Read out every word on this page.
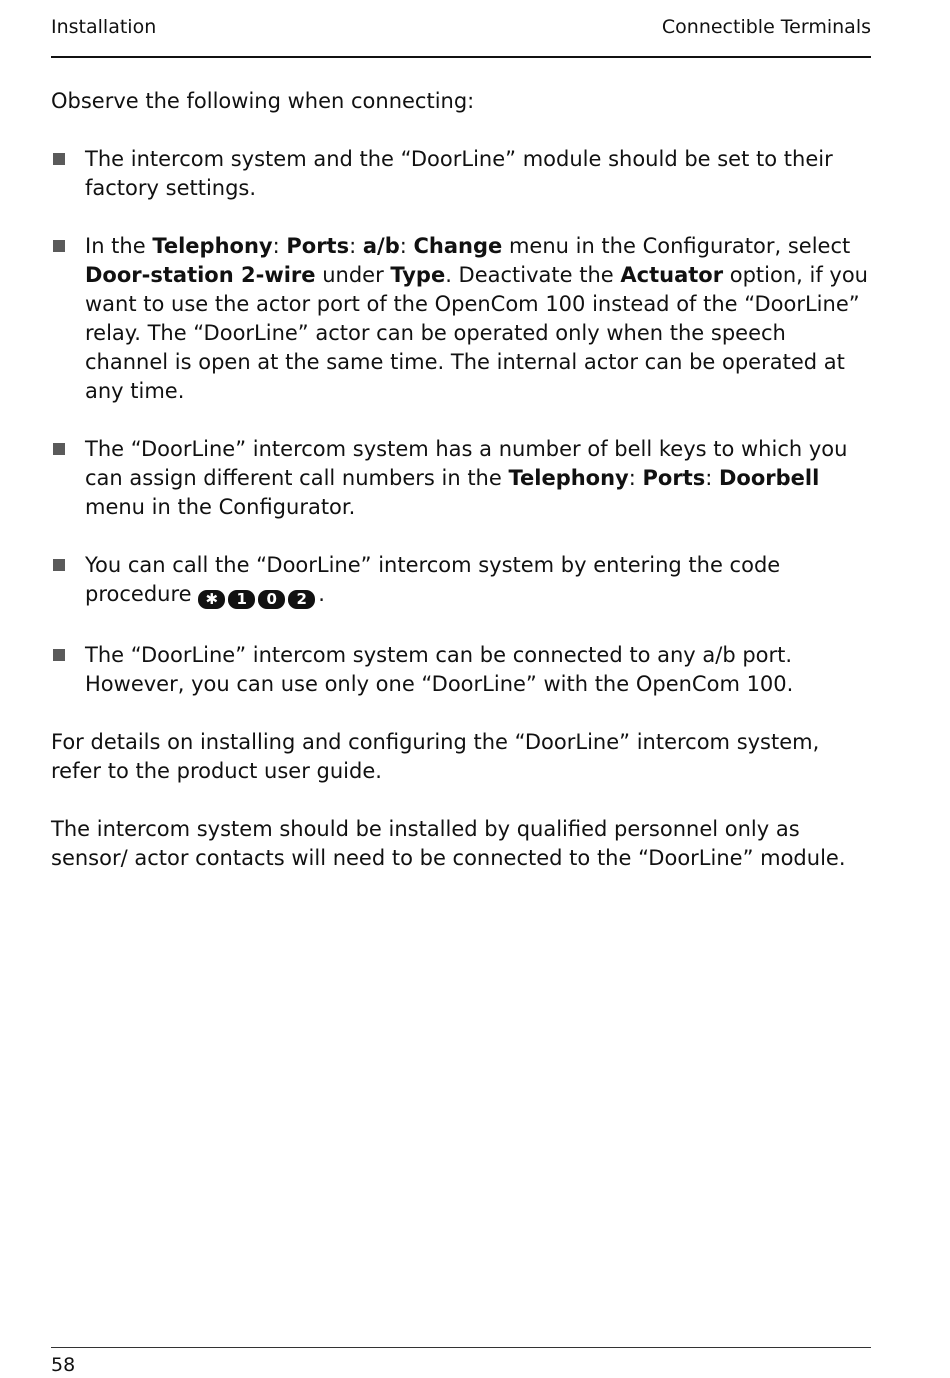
Installation	Connectible Terminals

Observe the following when connecting:

The intercom system and the “DoorLine” module should be set to their factory settings.
In the Telephony: Ports: a/b: Change menu in the Configurator, select Door-station 2-wire under Type. Deactivate the Actuator option, if you want to use the actor port of the OpenCom 100 instead of the “DoorLine” relay. The “DoorLine” actor can be operated only when the speech channel is open at the same time. The internal actor can be operated at any time.
The “DoorLine” intercom system has a number of bell keys to which you can assign different call numbers in the Telephony: Ports: Doorbell menu in the Configurator.
You can call the “DoorLine” intercom system by entering the code procedure ✱ 1 0 2 .
The “DoorLine” intercom system can be connected to any a/b port. However, you can use only one “DoorLine” with the OpenCom 100.

For details on installing and configuring the “DoorLine” intercom system, refer to the product user guide.

The intercom system should be installed by qualified personnel only as sensor/ actor contacts will need to be connected to the “DoorLine” module.

58
